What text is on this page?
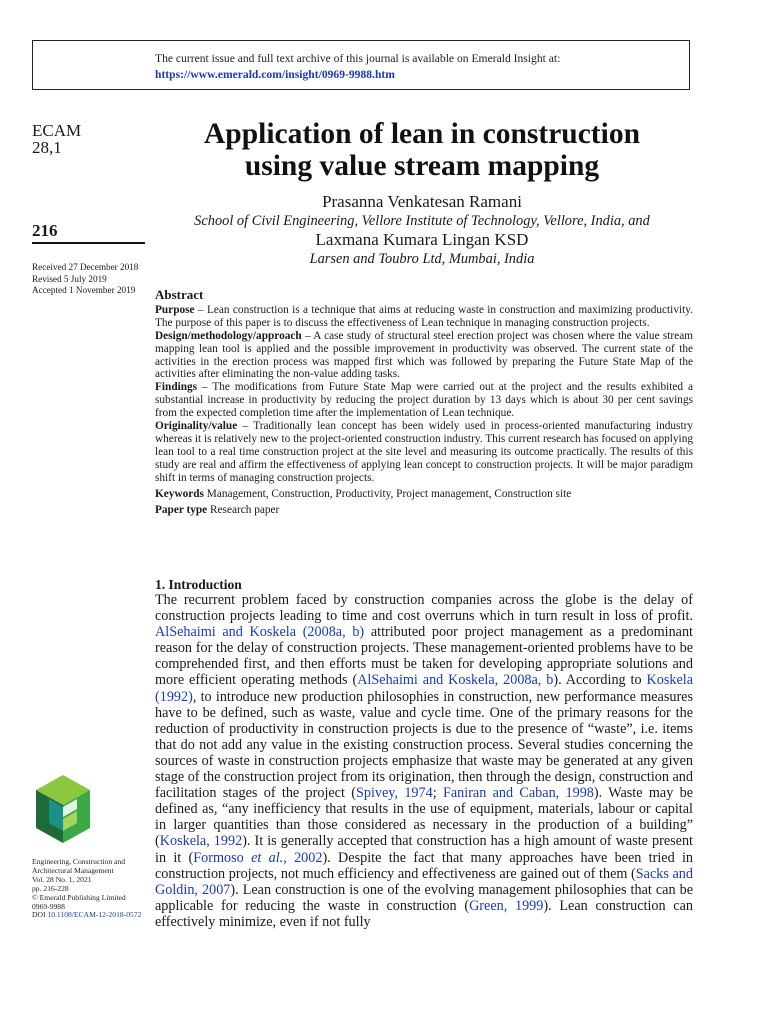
The current issue and full text archive of this journal is available on Emerald Insight at:
https://www.emerald.com/insight/0969-9988.htm
ECAM
28,1
216
Received 27 December 2018
Revised 5 July 2019
Accepted 1 November 2019
Application of lean in construction
using value stream mapping
Prasanna Venkatesan Ramani
School of Civil Engineering, Vellore Institute of Technology, Vellore, India, and
Laxmana Kumara Lingan KSD
Larsen and Toubro Ltd, Mumbai, India
Abstract

Purpose – Lean construction is a technique that aims at reducing waste in construction and maximizing productivity. The purpose of this paper is to discuss the effectiveness of Lean technique in managing construction projects.

Design/methodology/approach – A case study of structural steel erection project was chosen where the value stream mapping lean tool is applied and the possible improvement in productivity was observed. The current state of the activities in the erection process was mapped first which was followed by preparing the Future State Map of the activities after eliminating the non-value adding tasks.

Findings – The modifications from Future State Map were carried out at the project and the results exhibited a substantial increase in productivity by reducing the project duration by 13 days which is about 30 per cent savings from the expected completion time after the implementation of Lean technique.

Originality/value – Traditionally lean concept has been widely used in process-oriented manufacturing industry whereas it is relatively new to the project-oriented construction industry. This current research has focused on applying lean tool to a real time construction project at the site level and measuring its outcome practically. The results of this study are real and affirm the effectiveness of applying lean concept to construction projects. It will be major paradigm shift in terms of managing construction projects.

Keywords Management, Construction, Productivity, Project management, Construction site

Paper type Research paper

1. Introduction

The recurrent problem faced by construction companies across the globe is the delay of construction projects leading to time and cost overruns which in turn result in loss of profit. AlSehaimi and Koskela (2008a, b) attributed poor project management as a predominant reason for the delay of construction projects. These management-oriented problems have to be comprehended first, and then efforts must be taken for developing appropriate solutions and more efficient operating methods (AlSehaimi and Koskela, 2008a, b). According to Koskela (1992), to introduce new production philosophies in construction, new performance measures have to be defined, such as waste, value and cycle time. One of the primary reasons for the reduction of productivity in construction projects is due to the presence of “waste”, i.e. items that do not add any value in the existing construction process. Several studies concerning the sources of waste in construction projects emphasize that waste may be generated at any given stage of the construction project from its origination, then through the design, construction and facilitation stages of the project (Spivey, 1974; Faniran and Caban, 1998). Waste may be defined as, “any inefficiency that results in the use of equipment, materials, labour or capital in larger quantities than those considered as necessary in the production of a building” (Koskela, 1992). It is generally accepted that construction has a high amount of waste present in it (Formoso et al., 2002). Despite the fact that many approaches have been tried in construction projects, not much efficiency and effectiveness are gained out of them (Sacks and Goldin, 2007). Lean construction is one of the evolving management philosophies that can be applicable for reducing the waste in construction (Green, 1999). Lean construction can effectively minimize, even if not fully

Engineering, Construction and
Architectural Management
Vol. 28 No. 1, 2021
pp. 216-228
© Emerald Publishing Limited
0969-9988
DOI 10.1108/ECAM-12-2018-0572
